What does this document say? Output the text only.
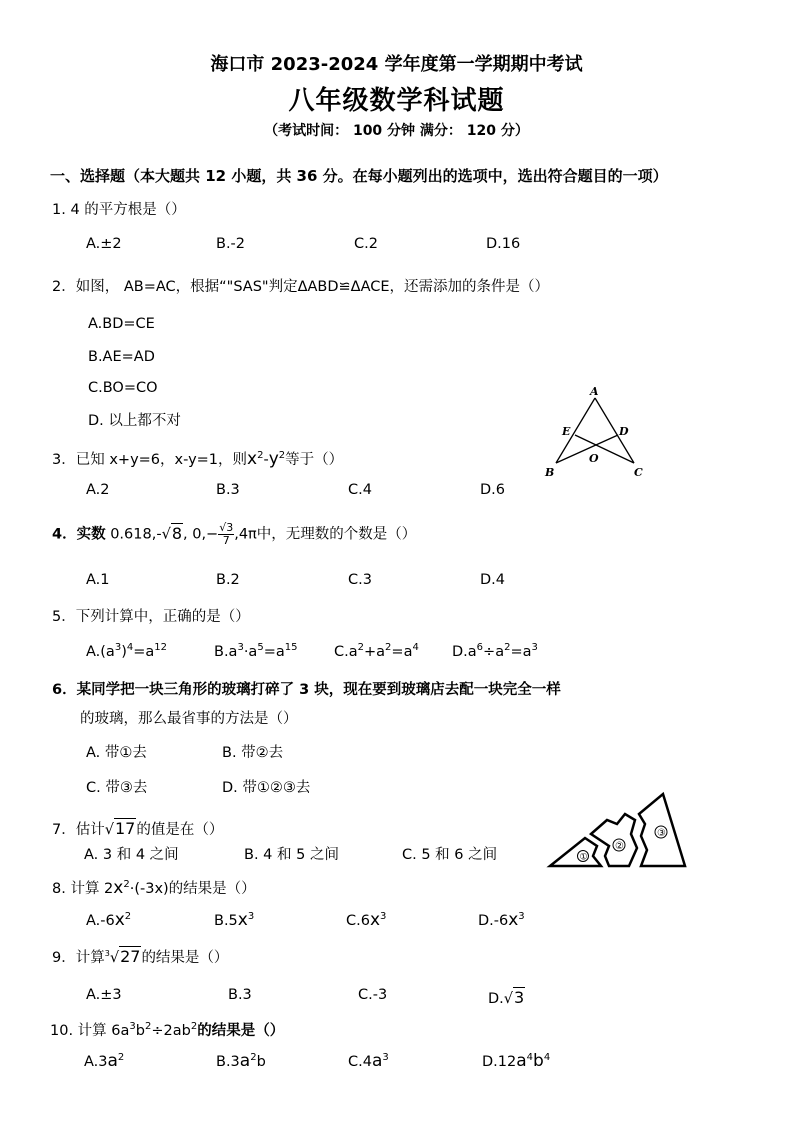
海口市 2023-2024 学年度第一学期期中考试
八年级数学科试题
（考试时间： 100 分钟 满分： 120 分）
一、选择题（本大题共 12 小题，共 36 分。在每小题列出的选项中，选出符合题目的一项）
1. 4 的平方根是（）
A.±2	B.-2	C.2	D.16
2．如图， AB=AC，根据“"SAS"判定ΔABD≌ΔACE，还需添加的条件是（）
A.BD=CE
B.AE=AD
C.BO=CO
D. 以上都不对
A
E	D
O
B	C
3．已知 x+y=6，x-y=1，则$x^2-y^2$等于（）
A.2	B.3	C.4	D.6
4．实数 0.618,-√8, $0,- \frac{√3}{7} ,4\pi$中，无理数的个数是（）
A.1	B.2	C.3	D.4
5．下列计算中，正确的是（）
$A.(a^3)^4=a^{12}$	$B.a^3\cdot a^5=a^{15}$	$C.a^2+a^2=a^4$ $D.a^6\div a^2=a^3$
6．某同学把一块三角形的玻璃打碎了 3 块，现在要到玻璃店去配一块完全一样
的玻璃，那么最省事的方法是（）
A. 带①去	B. 带②去
C. 带③去	D. 带①②③去
①
②
③
7．估计√17的值是在（）
A. 3 和 4 之间	B. 4 和 5 之间	C. 5 和 6 之间
8. 计算 $2x^2\cdot(-3x)$的结果是（）
$A.-6x^2$	$B.5x^3$	$C.6x^3$	$D.-6x^3$
9．计算$^3$√27的结果是（）
A.±3	B.3	C.-3	D.√3
10. 计算 $6a^3b^2\div 2ab^2$的结果是（）
$A.3a^2$	$B.3a^2b$	$C.4a^3$	$D.12a^4b^4$
